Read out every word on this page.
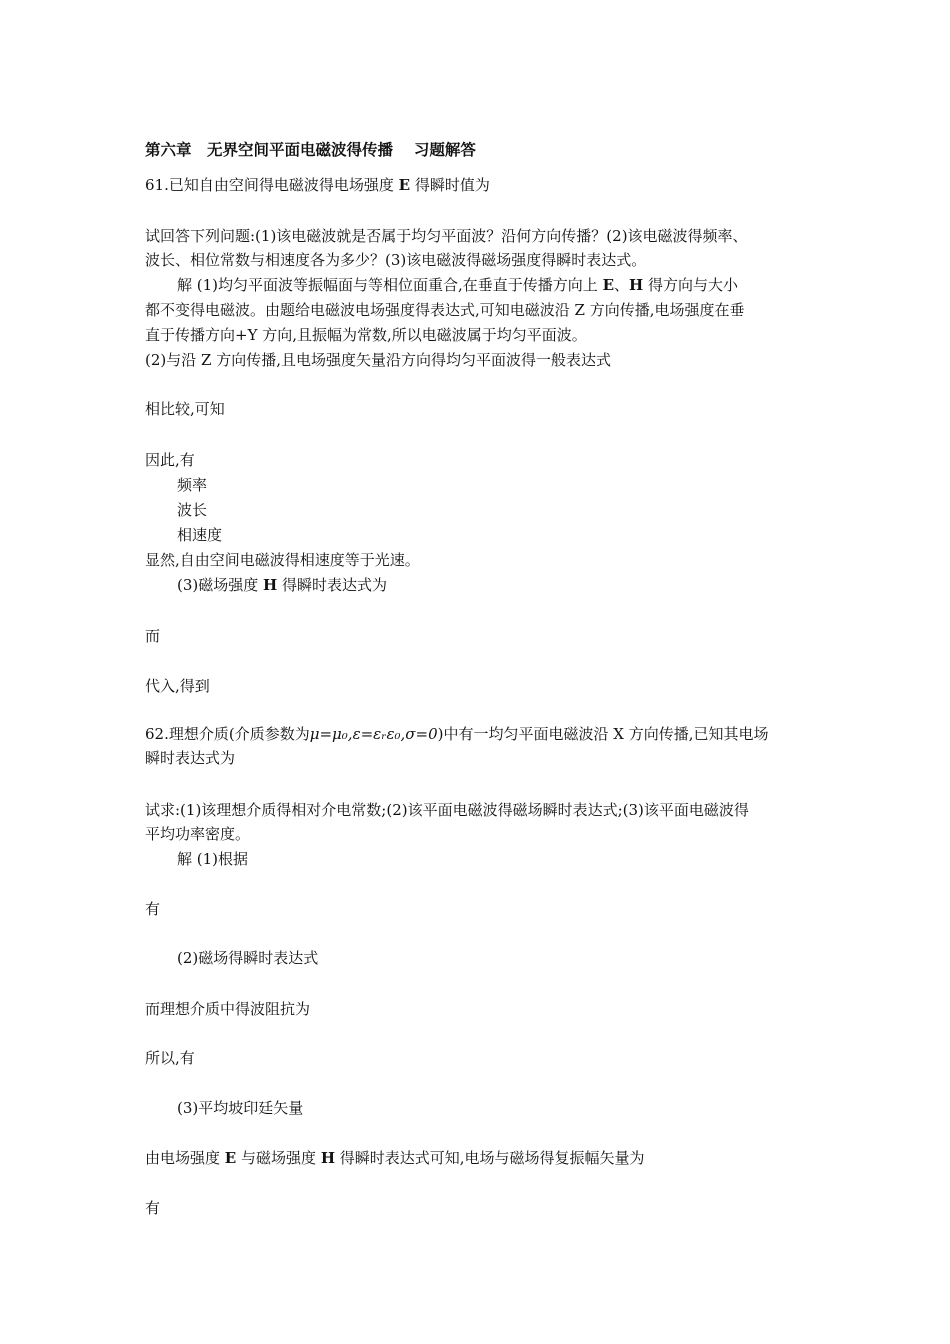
第六章　无界空间平面电磁波得传播　 习题解答
61.已知自由空间得电磁波得电场强度 E 得瞬时值为
试回答下列问题:(1)该电磁波就是否属于均匀平面波？沿何方向传播？(2)该电磁波得频率、
波长、相位常数与相速度各为多少？(3)该电磁波得磁场强度得瞬时表达式。
解 (1)均匀平面波等振幅面与等相位面重合,在垂直于传播方向上 E、H 得方向与大小
都不变得电磁波。由题给电磁波电场强度得表达式,可知电磁波沿 Z 方向传播,电场强度在垂
直于传播方向+Y 方向,且振幅为常数,所以电磁波属于均匀平面波。
(2)与沿 Z 方向传播,且电场强度矢量沿方向得均匀平面波得一般表达式
相比较,可知
因此,有
频率
波长
相速度
显然,自由空间电磁波得相速度等于光速。
(3)磁场强度 H 得瞬时表达式为
而
代入,得到
62.理想介质(介质参数为μ=μ₀,ε=εᵣε₀,σ=0)中有一均匀平面电磁波沿 X 方向传播,已知其电场
瞬时表达式为
试求:(1)该理想介质得相对介电常数;(2)该平面电磁波得磁场瞬时表达式;(3)该平面电磁波得
平均功率密度。
解 (1)根据
有
(2)磁场得瞬时表达式
而理想介质中得波阻抗为
所以,有
(3)平均坡印廷矢量
由电场强度 E 与磁场强度 H 得瞬时表达式可知,电场与磁场得复振幅矢量为
有
